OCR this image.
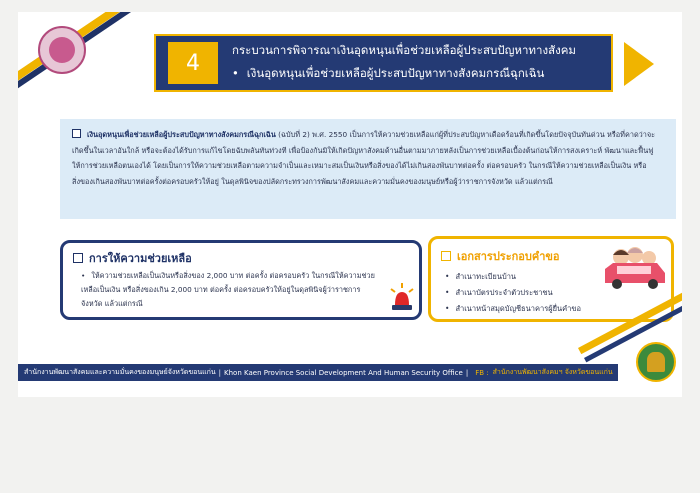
4
กระบวนการพิจารณาเงินอุดหนุนเพื่อช่วยเหลือผู้ประสบปัญหาทางสังคม
• เงินอุดหนุนเพื่อช่วยเหลือผู้ประสบปัญหาทางสังคมกรณีฉุกเฉิน

เงินอุดหนุนเพื่อช่วยเหลือผู้ประสบปัญหาทางสังคมกรณีฉุกเฉิน (ฉบับที่ 2) พ.ศ. 2550 เป็นการให้ความช่วยเหลือแก่ผู้ที่ประสบปัญหาเดือดร้อนที่เกิดขึ้นโดยปัจจุบันทันด่วน หรือที่คาดว่าจะเกิดขึ้นในเวลาอันใกล้ หรือจะต้องได้รับการแก้ไขโดยฉับพลันทันท่วงที เพื่อป้องกันมิให้เกิดปัญหาสังคมด้านอื่นตามมาภายหลังเป็นการช่วยเหลือเบื้องต้นก่อนให้การสงเคราะห์ พัฒนาและฟื้นฟูให้การช่วยเหลือตนเองได้ โดยเป็นการให้ความช่วยเหลือตามความจำเป็นและเหมาะสมเป็นเงินหรือสิ่งของได้ไม่เกินสองพันบาทต่อครั้ง ต่อครอบครัว ในกรณีให้ความช่วยเหลือเป็นเงิน หรือสิ่งของเกินสองพันบาทต่อครั้งต่อครอบครัวให้อยู่ ในดุลพินิจของปลัดกระทรวงการพัฒนาสังคมและความมั่นคงของมนุษย์หรือผู้ว่าราชการจังหวัด แล้วแต่กรณี

การให้ความช่วยเหลือ
• ให้ความช่วยเหลือเป็นเงินหรือสิ่งของ 2,000 บาท ต่อครั้ง ต่อครอบครัว ในกรณีให้ความช่วยเหลือเป็นเงิน หรือสิ่งของเกิน 2,000 บาท ต่อครั้ง ต่อครอบครัวให้อยู่ในดุลพินิจผู้ว่าราชการจังหวัด แล้วแต่กรณี
เอกสารประกอบคำขอ
• สำเนาทะเบียนบ้าน
• สำเนาบัตรประจำตัวประชาชน
• สำเนาหน้าสมุดบัญชีธนาคารผู้ยื่นคำขอ
สำนักงานพัฒนาสังคมและความมั่นคงของมนุษย์จังหวัดขอนแก่น | Khon Kaen Province Social Development And Human Security Office | FB : สำนักงานพัฒนาสังคมฯ จังหวัดขอนแก่น
